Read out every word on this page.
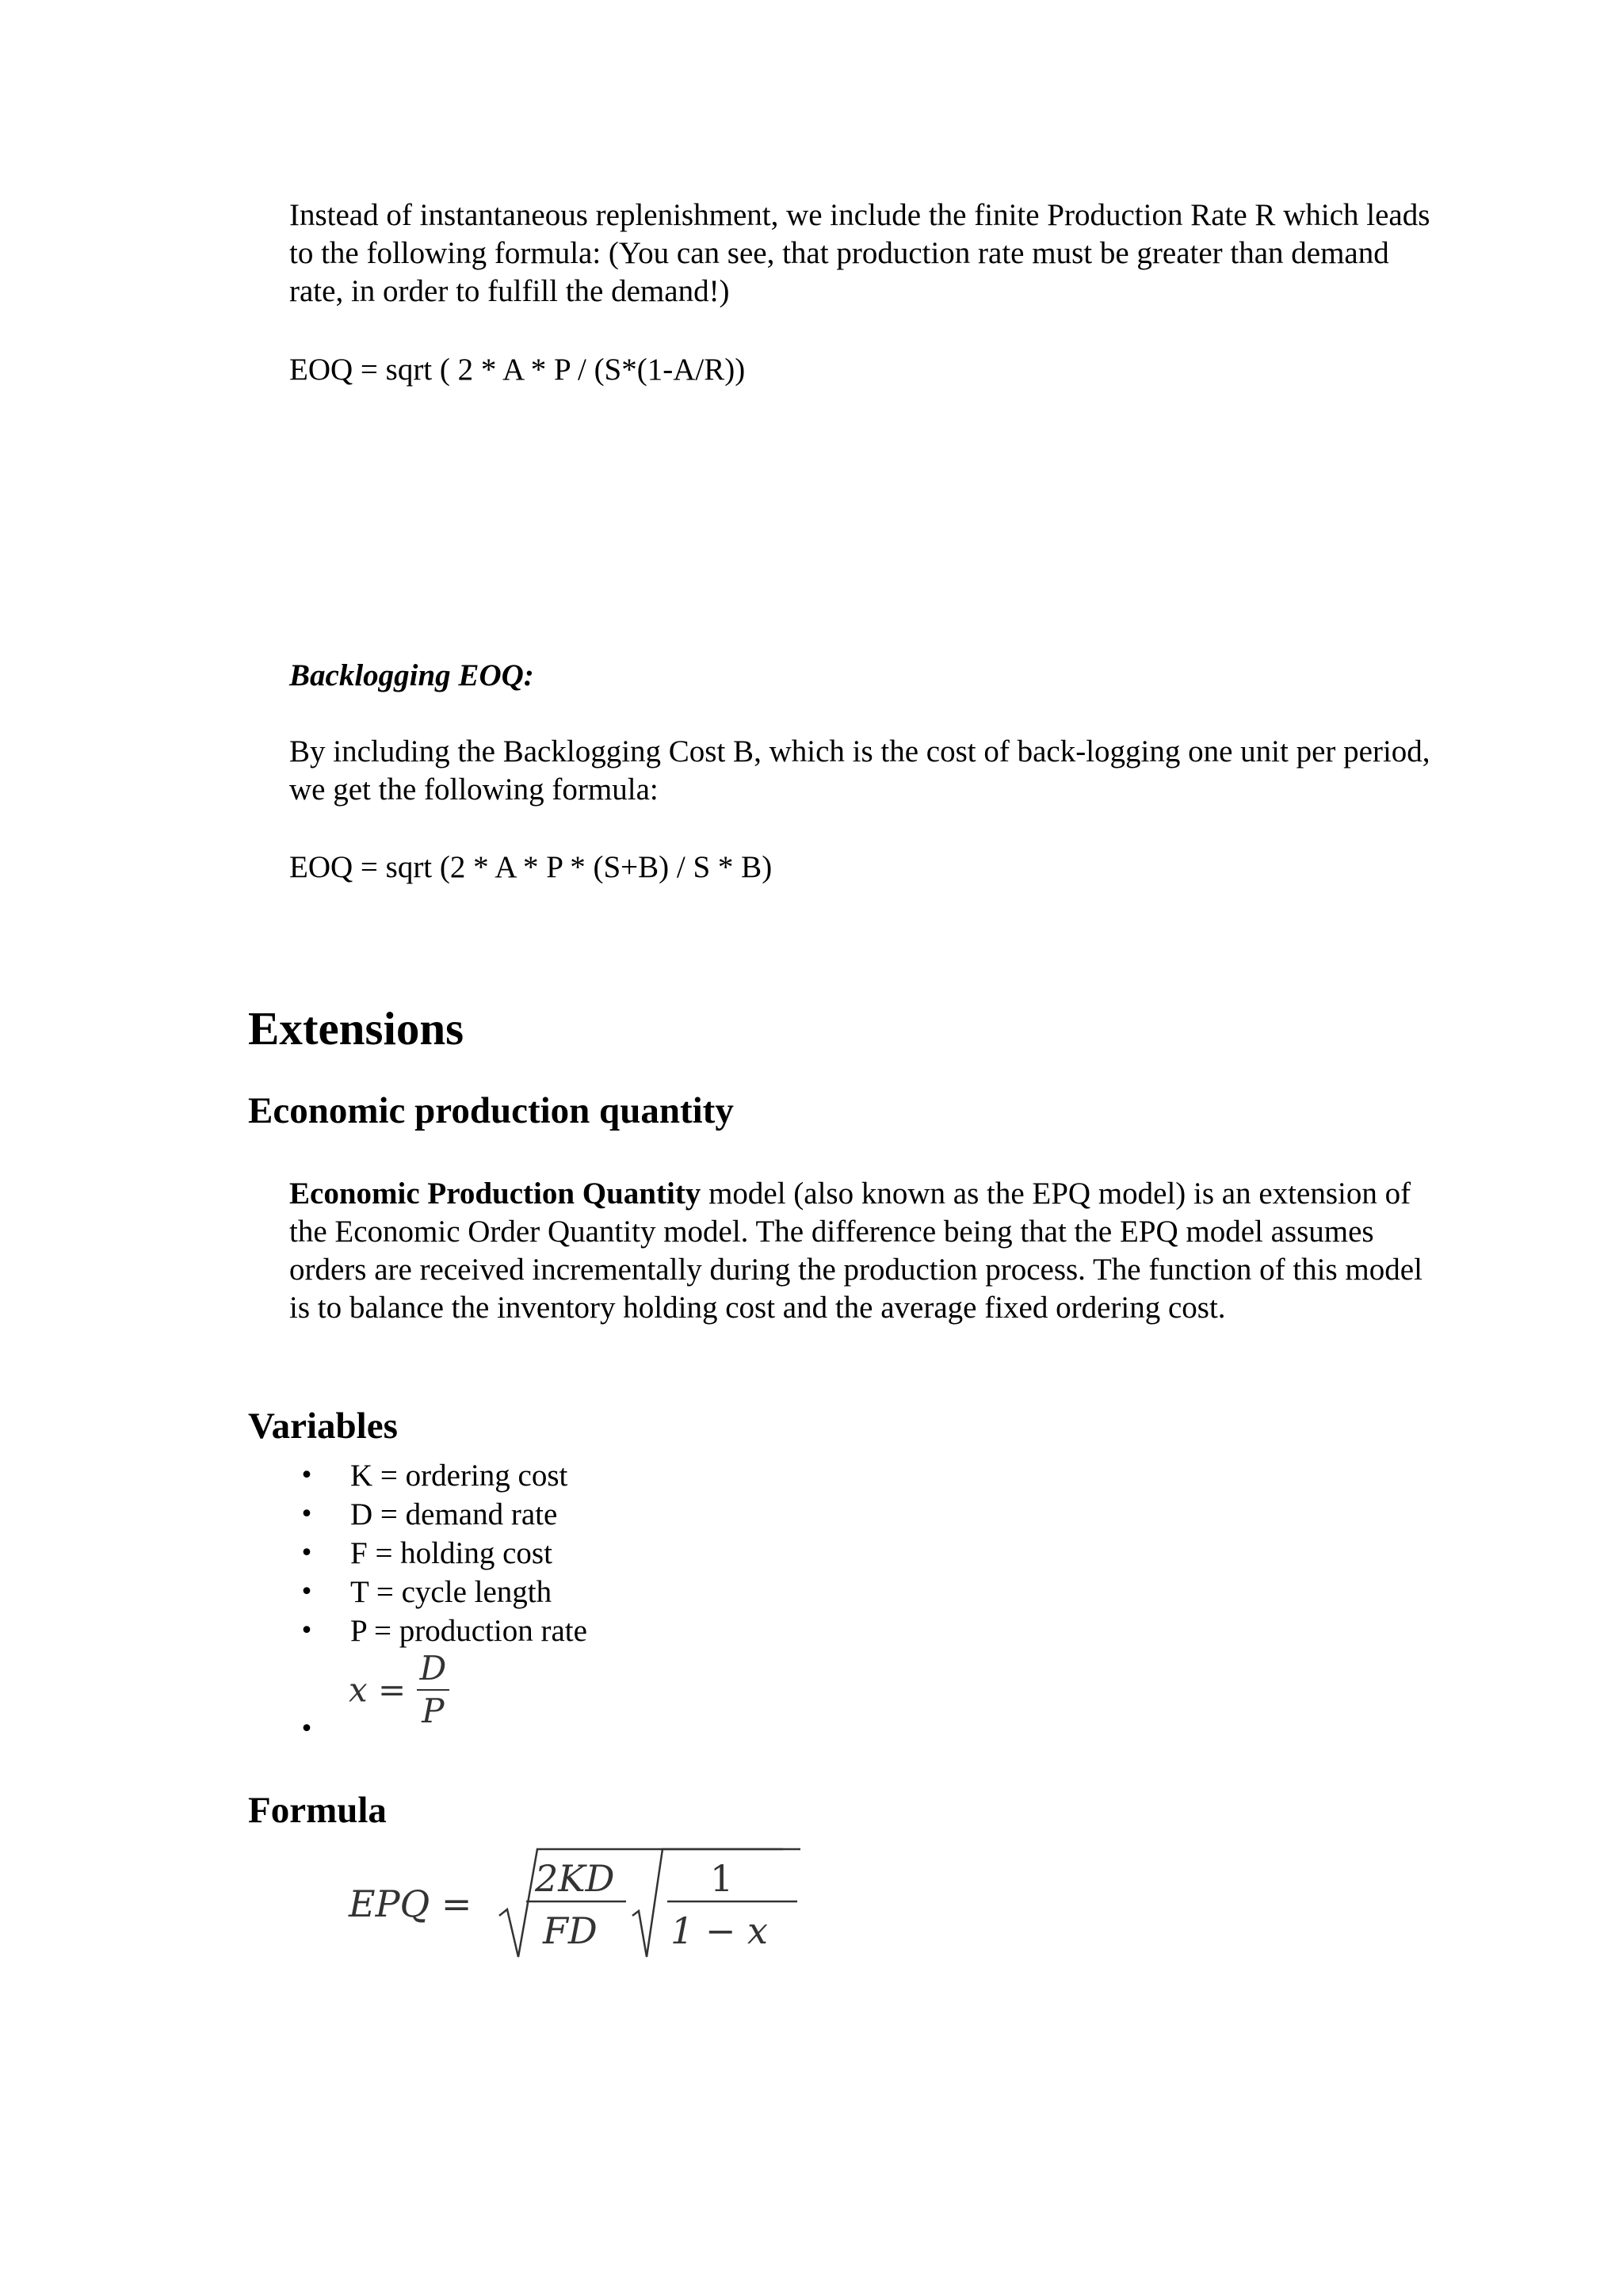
Instead of instantaneous replenishment, we include the finite Production Rate R which leads to the following formula: (You can see, that production rate must be greater than demand rate, in order to fulfill the demand!)

EOQ = sqrt ( 2 * A * P / (S*(1-A/R))

Backlogging EOQ:

By including the Backlogging Cost B, which is the cost of back-logging one unit per period, we get the following formula:

EOQ = sqrt (2 * A * P * (S+B) / S * B)

Extensions
Economic production quantity

Economic Production Quantity model (also known as the EPQ model) is an extension of the Economic Order Quantity model. The difference being that the EPQ model assumes orders are received incrementally during the production process. The function of this model is to balance the inventory holding cost and the average fixed ordering cost.

Variables
• K = ordering cost
• D = demand rate
• F = holding cost
• T = cycle length
• P = production rate
•
$x = \frac{D}{P}$
Formula
EPQ =
2KD
FD
1
1 − x
